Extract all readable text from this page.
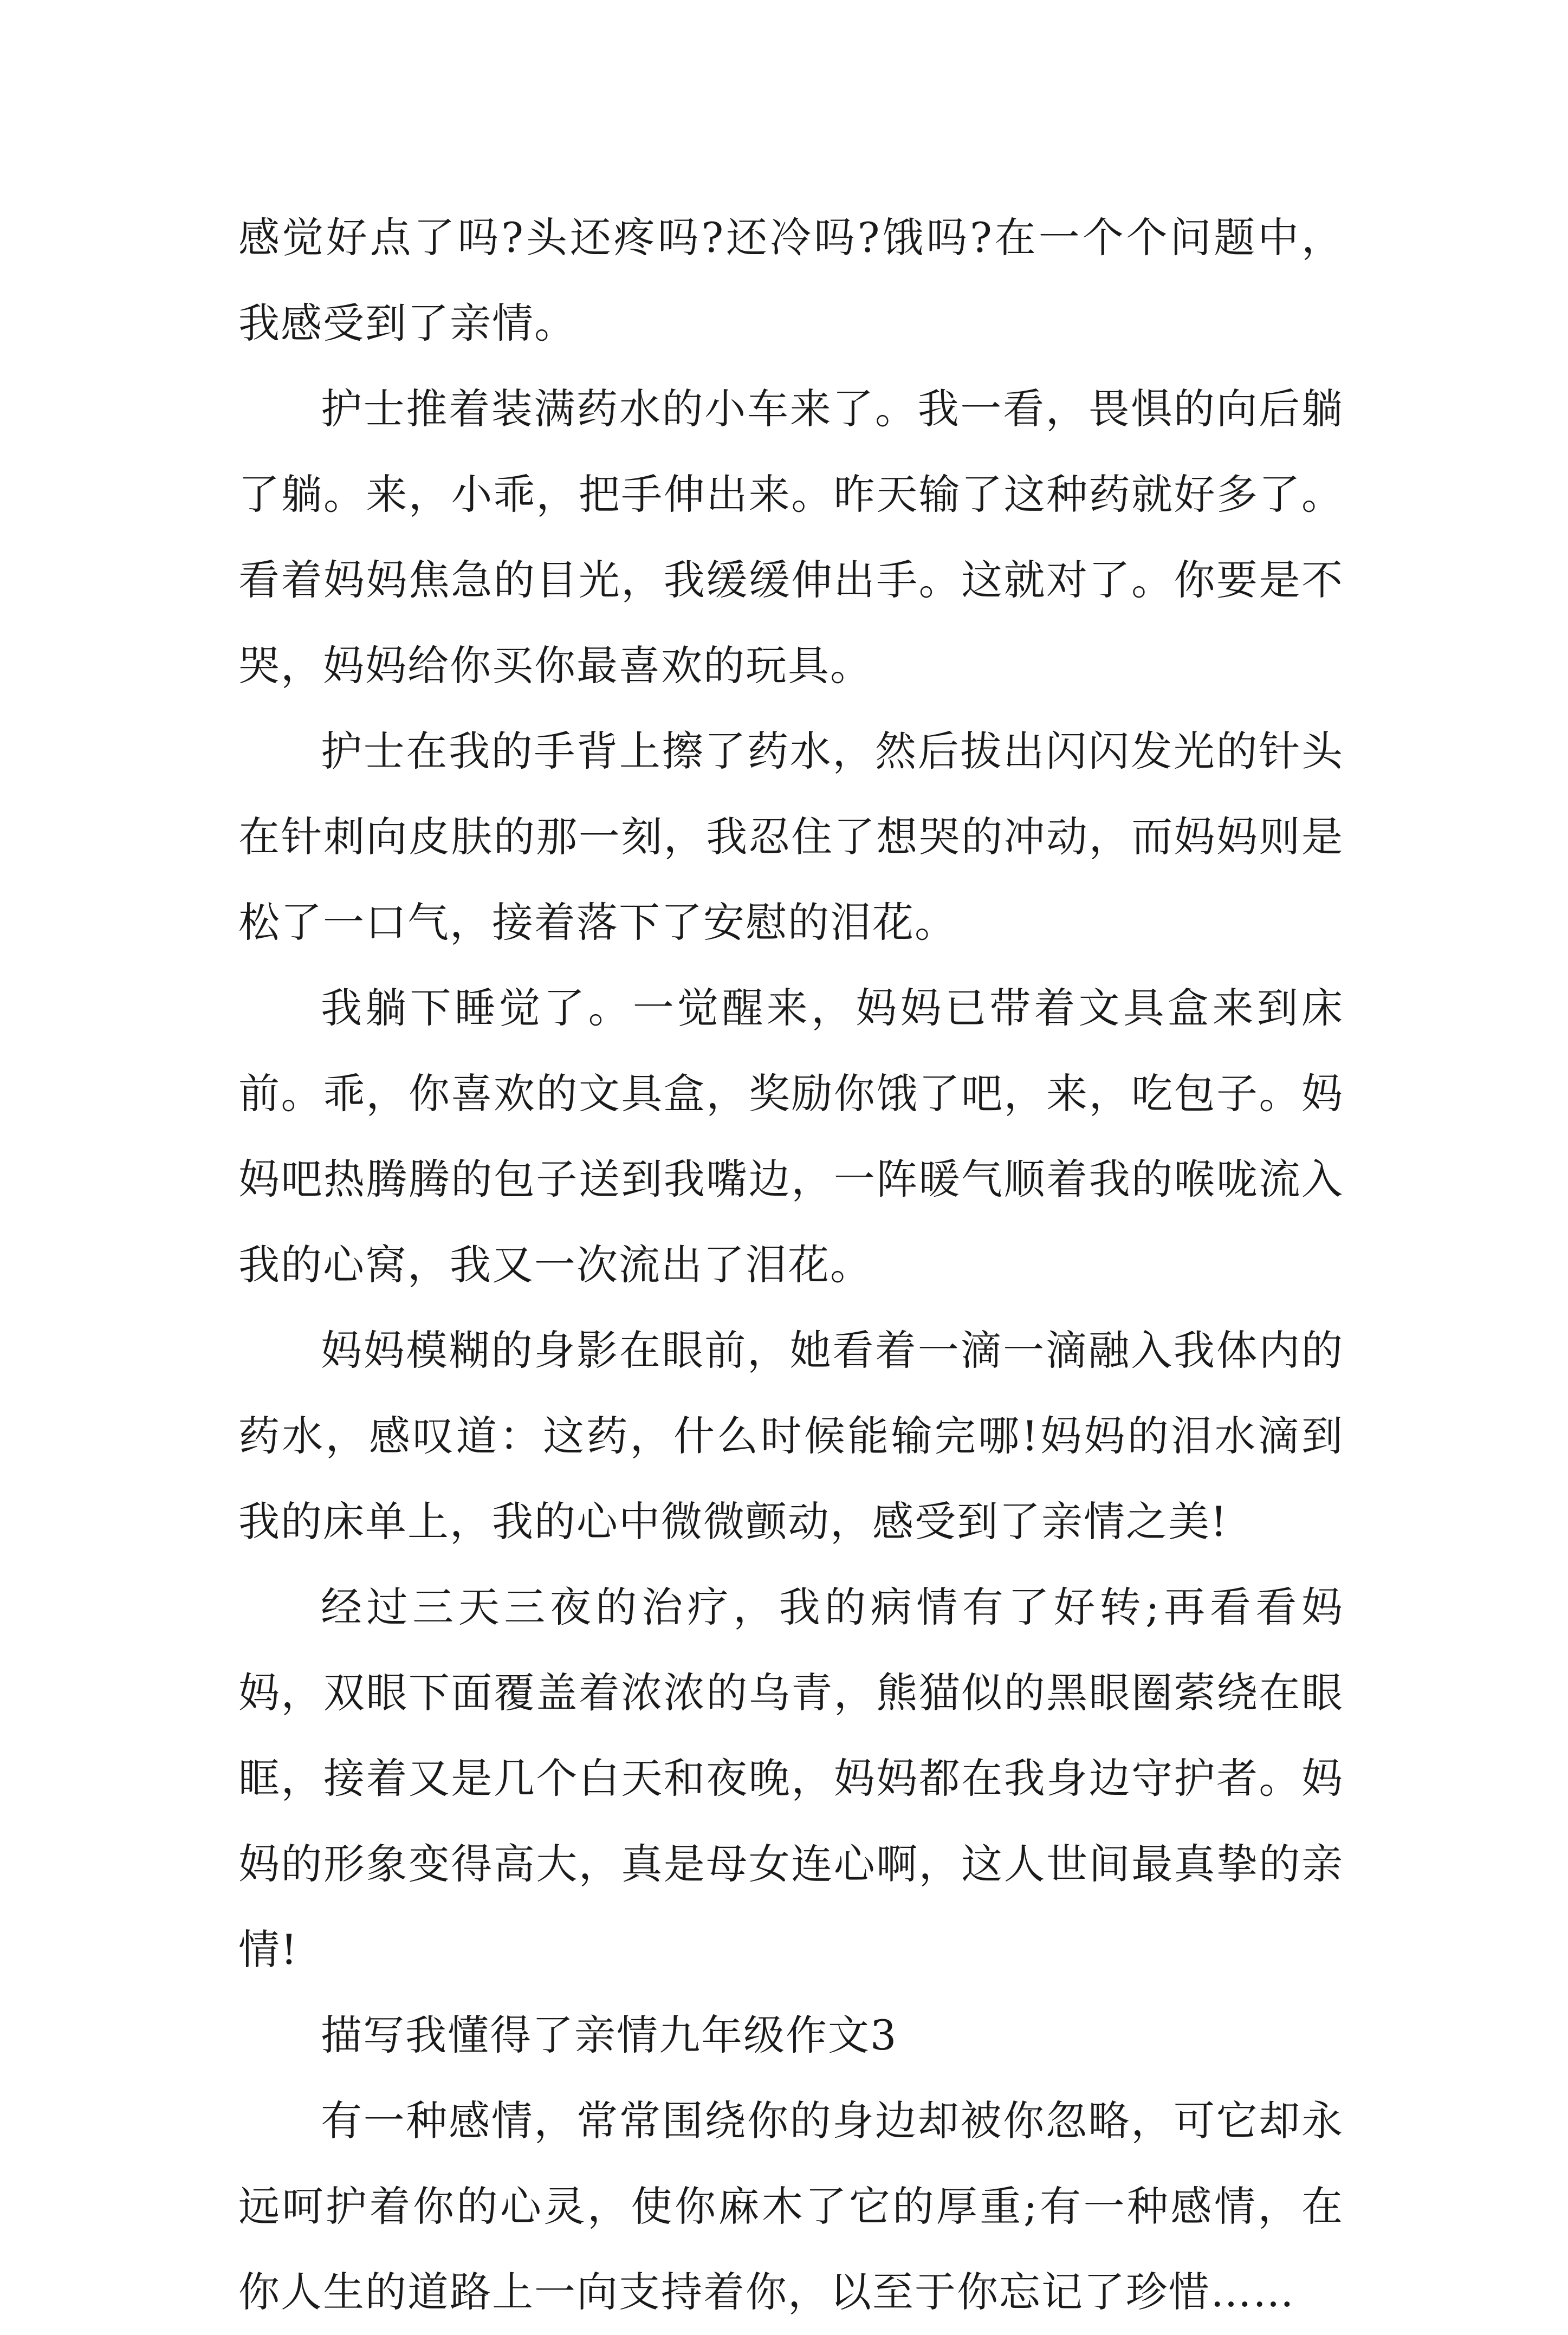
感觉好点了吗?头还疼吗?还冷吗?饿吗?在一个个问题中，我感受到了亲情。

护士推着装满药水的小车来了。我一看，畏惧的向后躺了躺。来，小乖，把手伸出来。昨天输了这种药就好多了。看着妈妈焦急的目光，我缓缓伸出手。这就对了。你要是不哭，妈妈给你买你最喜欢的玩具。

护士在我的手背上擦了药水，然后拔出闪闪发光的针头在针刺向皮肤的那一刻，我忍住了想哭的冲动，而妈妈则是松了一口气，接着落下了安慰的泪花。

我躺下睡觉了。一觉醒来，妈妈已带着文具盒来到床前。乖，你喜欢的文具盒，奖励你饿了吧，来，吃包子。妈妈吧热腾腾的包子送到我嘴边，一阵暖气顺着我的喉咙流入我的心窝，我又一次流出了泪花。

妈妈模糊的身影在眼前，她看着一滴一滴融入我体内的药水，感叹道：这药，什么时候能输完哪!妈妈的泪水滴到我的床单上，我的心中微微颤动，感受到了亲情之美!

经过三天三夜的治疗，我的病情有了好转;再看看妈妈，双眼下面覆盖着浓浓的乌青，熊猫似的黑眼圈萦绕在眼眶，接着又是几个白天和夜晚，妈妈都在我身边守护者。妈妈的形象变得高大，真是母女连心啊，这人世间最真挚的亲情!

描写我懂得了亲情九年级作文3

有一种感情，常常围绕你的身边却被你忽略，可它却永远呵护着你的心灵，使你麻木了它的厚重;有一种感情，在你人生的道路上一向支持着你，以至于你忘记了珍惜……
